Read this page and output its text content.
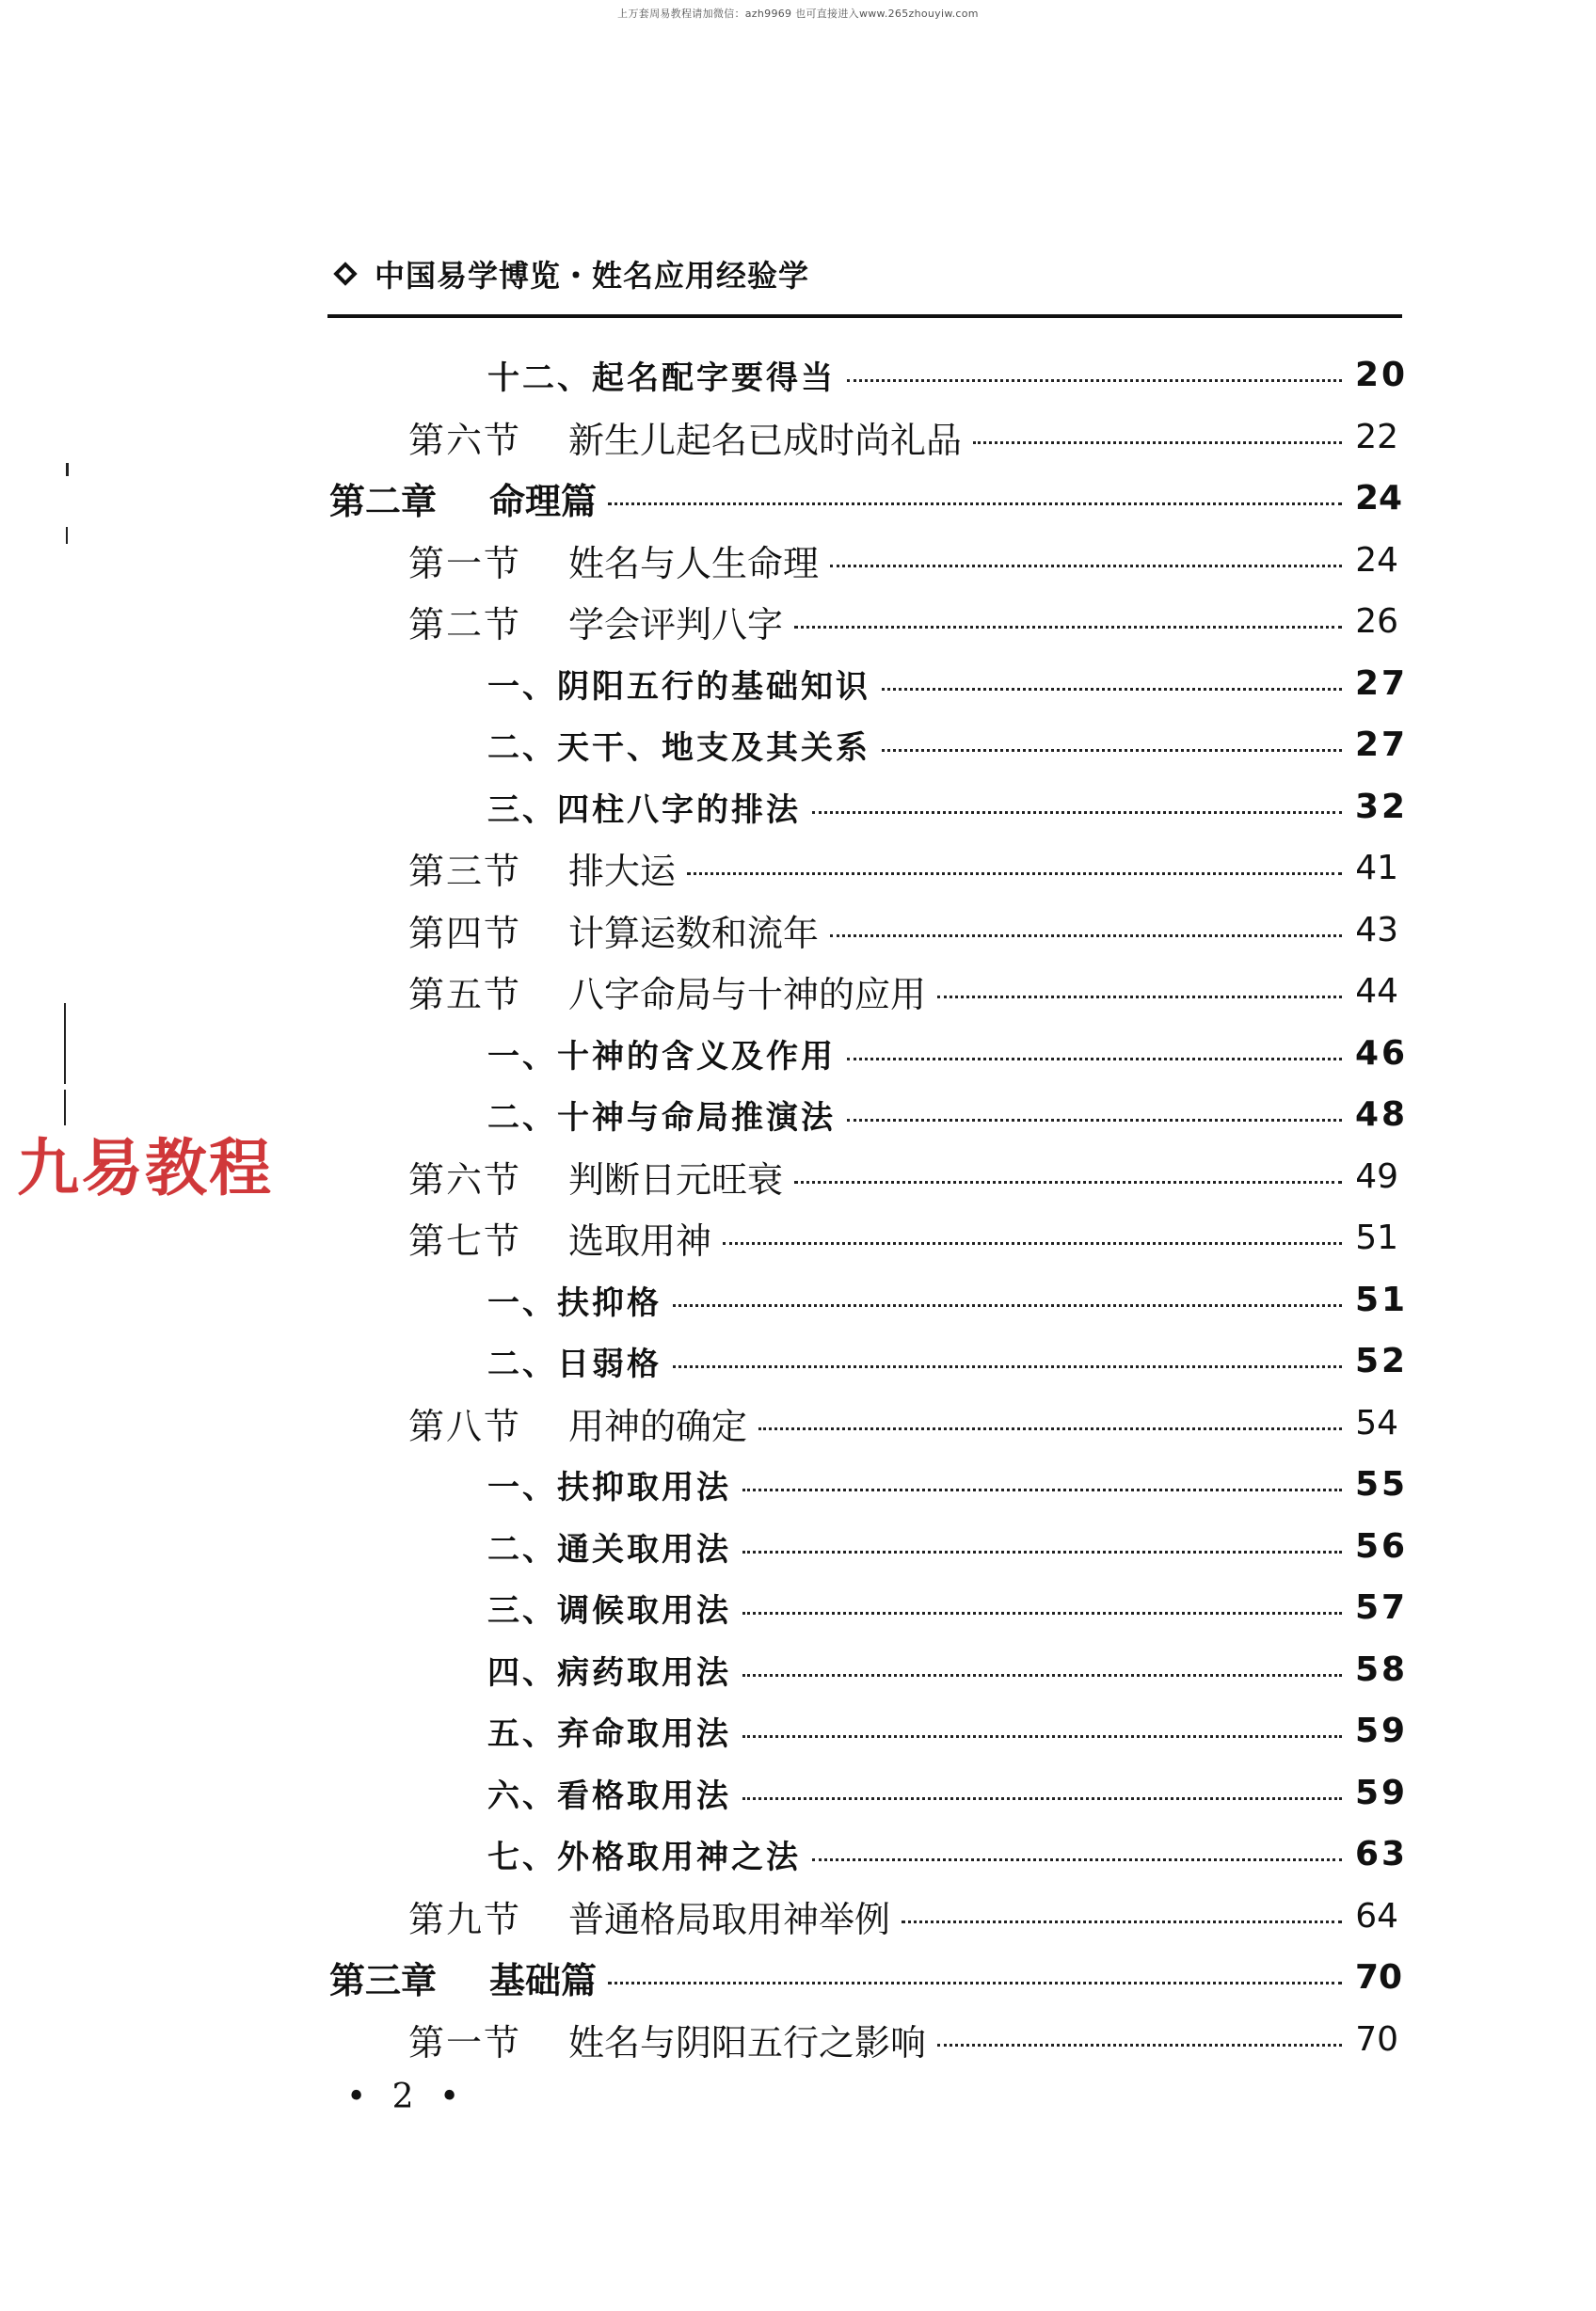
上万套周易教程请加微信：azh9969 也可直接进入www.265zhouyiw.com
中国易学博览・姓名应用经验学
十二、起名配字要得当	20
第六节	新生儿起名已成时尚礼品	22
第二章	命理篇	24
第一节	姓名与人生命理	24
第二节	学会评判八字	26
一、阴阳五行的基础知识	27
二、天干、地支及其关系	27
三、四柱八字的排法	32
第三节	排大运	41
第四节	计算运数和流年	43
第五节	八字命局与十神的应用	44
一、十神的含义及作用	46
二、十神与命局推演法	48
第六节	判断日元旺衰	49
第七节	选取用神	51
一、扶抑格	51
二、日弱格	52
第八节	用神的确定	54
一、扶抑取用法	55
二、通关取用法	56
三、调候取用法	57
四、病药取用法	58
五、弃命取用法	59
六、看格取用法	59
七、外格取用神之法	63
第九节	普通格局取用神举例	64
第三章	基础篇	70
第一节	姓名与阴阳五行之影响	70
九易教程
• 2 •
